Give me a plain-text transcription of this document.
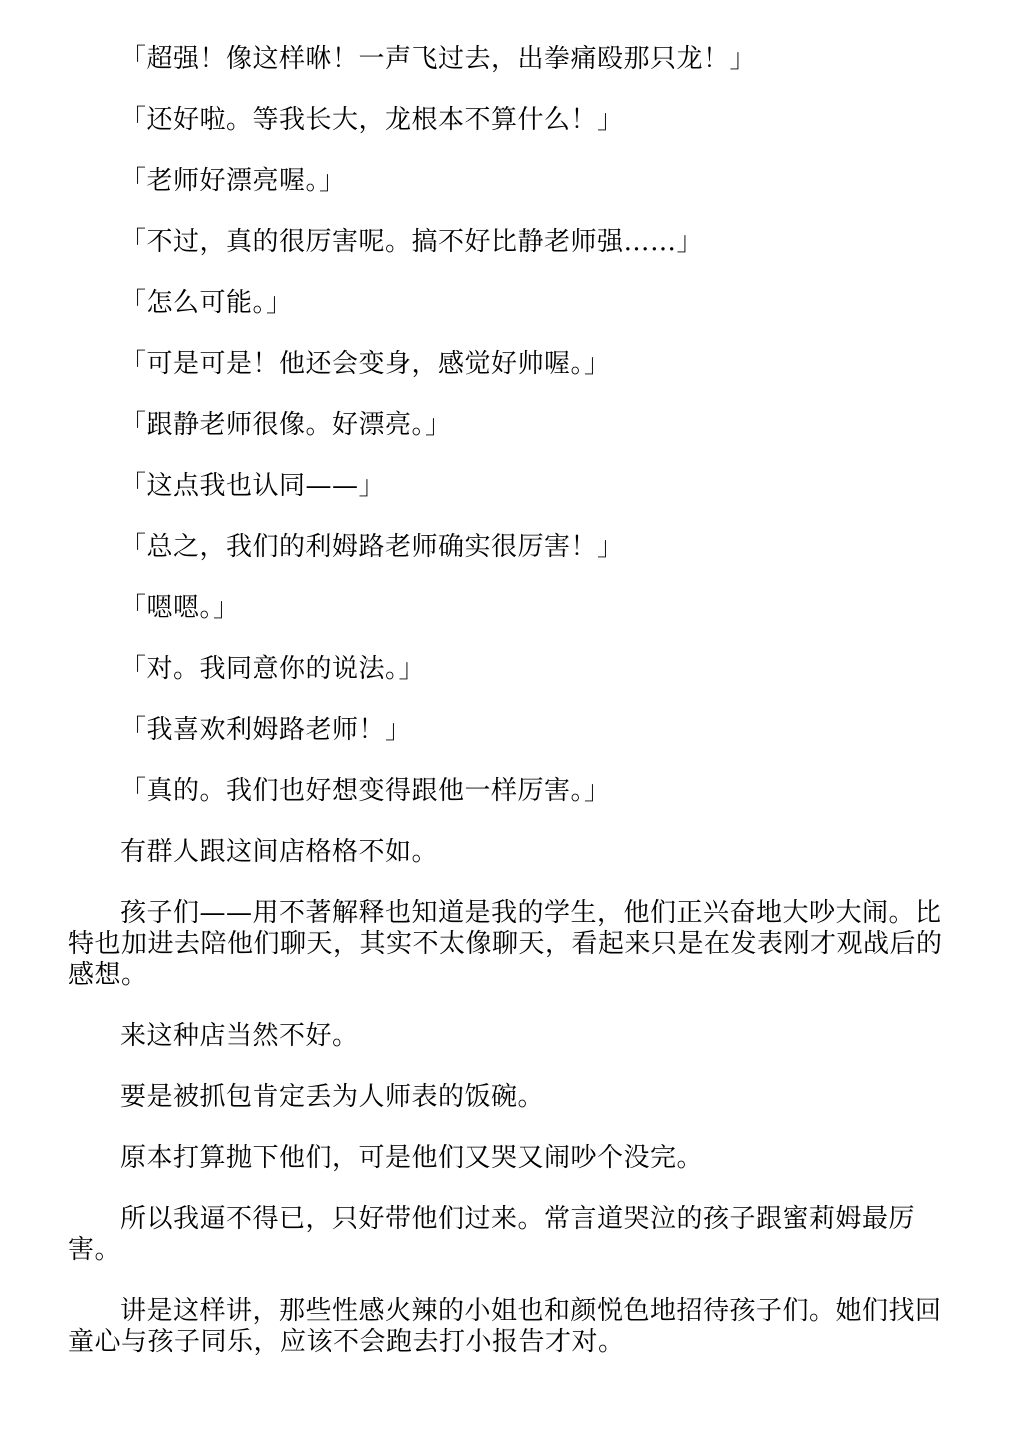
「超强！像这样咻！一声飞过去，出拳痛殴那只龙！」

「还好啦。等我长大，龙根本不算什么！」

「老师好漂亮喔。」

「不过，真的很厉害呢。搞不好比静老师强……」

「怎么可能。」

「可是可是！他还会变身，感觉好帅喔。」

「跟静老师很像。好漂亮。」

「这点我也认同——」

「总之，我们的利姆路老师确实很厉害！」

「嗯嗯。」

「对。我同意你的说法。」

「我喜欢利姆路老师！」

「真的。我们也好想变得跟他一样厉害。」

有群人跟这间店格格不如。

孩子们——用不著解释也知道是我的学生，他们正兴奋地大吵大闹。比特也加进去陪他们聊天，其实不太像聊天，看起来只是在发表刚才观战后的感想。

来这种店当然不好。

要是被抓包肯定丢为人师表的饭碗。

原本打算抛下他们，可是他们又哭又闹吵个没完。

所以我逼不得已，只好带他们过来。常言道哭泣的孩子跟蜜莉姆最厉害。

讲是这样讲，那些性感火辣的小姐也和颜悦色地招待孩子们。她们找回童心与孩子同乐，应该不会跑去打小报告才对。
